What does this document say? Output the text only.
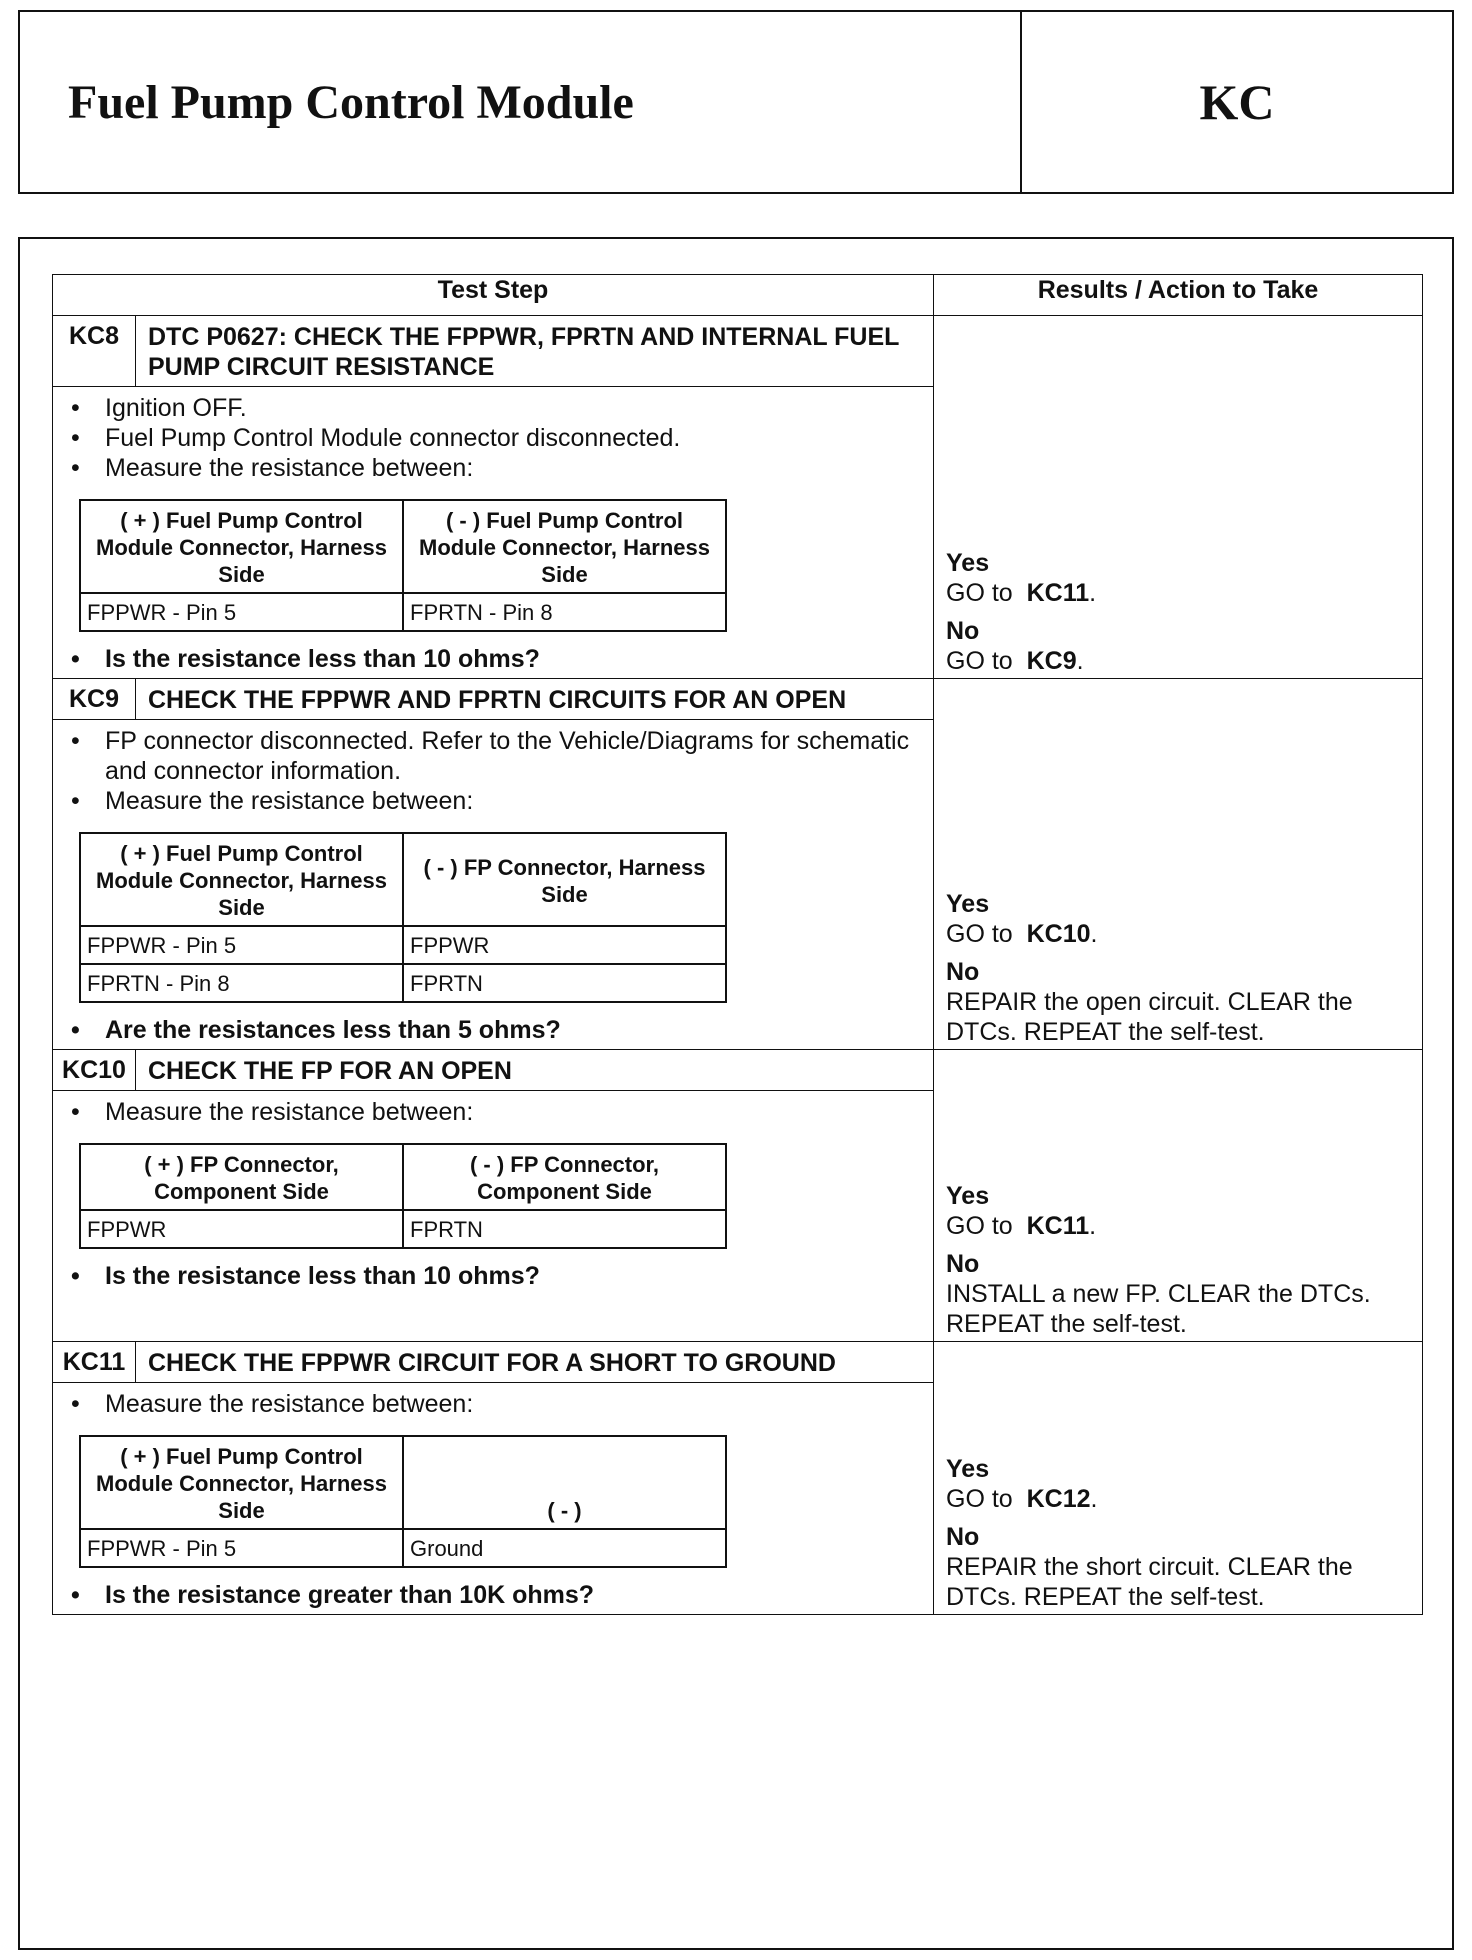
Fuel Pump Control Module	KC
Test Step	Results / Action to Take
KC8	DTC P0627: CHECK THE FPPWR, FPRTN AND INTERNAL FUEL PUMP CIRCUIT RESISTANCE	
Yes
GO to KC11.
No
GO to KC9.

• Ignition OFF.
• Fuel Pump Control Module connector disconnected.
• Measure the resistance between:
( + ) Fuel Pump Control Module Connector, Harness Side	( - ) Fuel Pump Control Module Connector, Harness Side
FPPWR - Pin 5	FPRTN - Pin 8
• Is the resistance less than 10 ohms?

KC9	CHECK THE FPPWR AND FPRTN CIRCUITS FOR AN OPEN	
Yes
GO to KC10.
No
REPAIR the open circuit. CLEAR the DTCs. REPEAT the self-test.

• FP connector disconnected. Refer to the Vehicle/Diagrams for schematic and connector information.
• Measure the resistance between:
( + ) Fuel Pump Control Module Connector, Harness Side	( - ) FP Connector, Harness Side
FPPWR - Pin 5	FPPWR
FPRTN - Pin 8	FPRTN
• Are the resistances less than 5 ohms?

KC10	CHECK THE FP FOR AN OPEN	
Yes
GO to KC11.
No
INSTALL a new FP. CLEAR the DTCs. REPEAT the self-test.

• Measure the resistance between:
( + ) FP Connector, Component Side	( - ) FP Connector, Component Side
FPPWR	FPRTN
• Is the resistance less than 10 ohms?

KC11	CHECK THE FPPWR CIRCUIT FOR A SHORT TO GROUND	
Yes
GO to KC12.
No
REPAIR the short circuit. CLEAR the DTCs. REPEAT the self-test.

• Measure the resistance between:
( + ) Fuel Pump Control Module Connector, Harness Side	( - )
FPPWR - Pin 5	Ground
• Is the resistance greater than 10K ohms?
